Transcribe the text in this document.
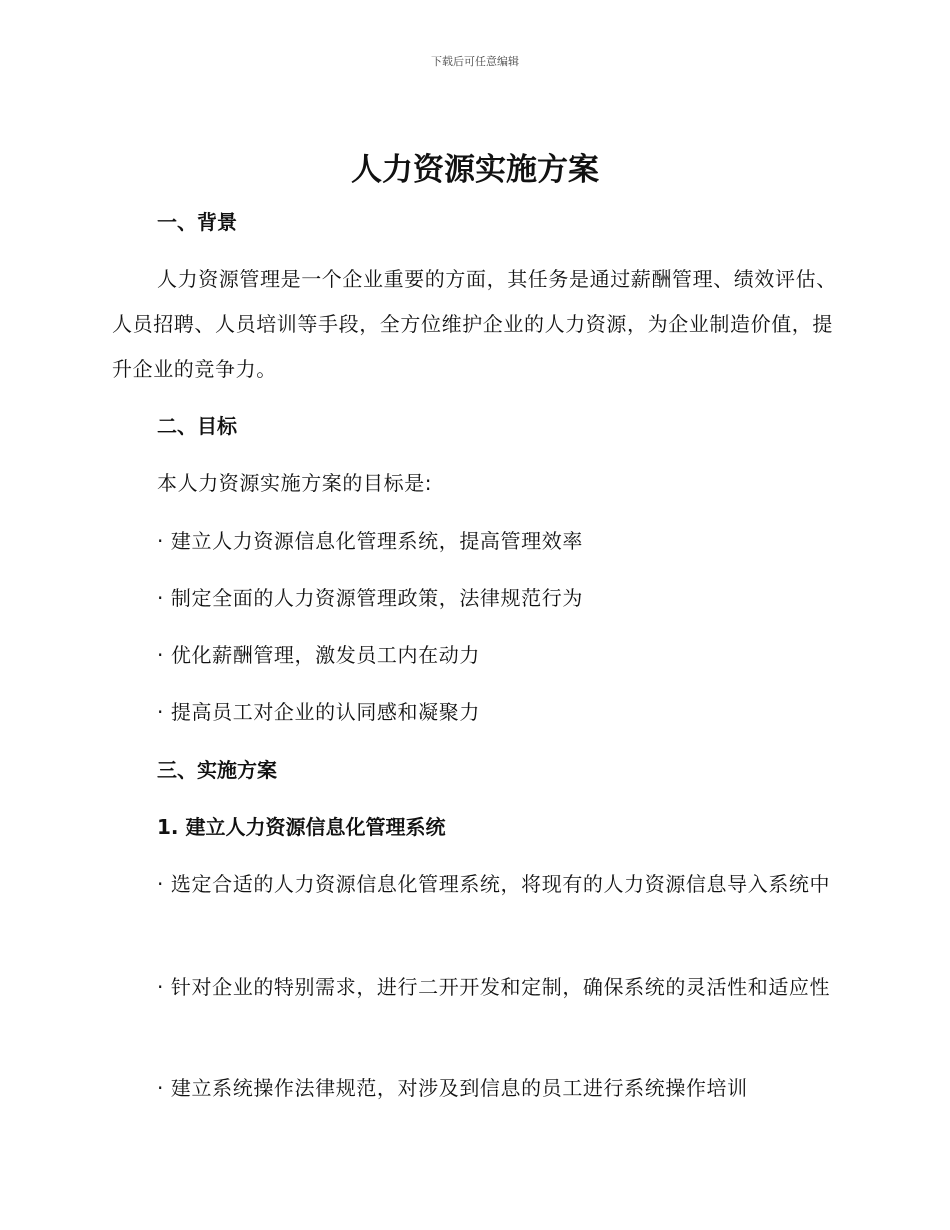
下载后可任意编辑
人力资源实施方案
一、背景

人力资源管理是一个企业重要的方面，其任务是通过薪酬管理、绩效评估、人员招聘、人员培训等手段，全方位维护企业的人力资源，为企业制造价值，提升企业的竞争力。

二、目标

本人力资源实施方案的目标是:

· 建立人力资源信息化管理系统，提高管理效率

· 制定全面的人力资源管理政策，法律规范行为

· 优化薪酬管理，激发员工内在动力

· 提高员工对企业的认同感和凝聚力

三、实施方案
1. 建立人力资源信息化管理系统

· 选定合适的人力资源信息化管理系统，将现有的人力资源信息导入系统中

· 针对企业的特别需求，进行二开开发和定制，确保系统的灵活性和适应性

· 建立系统操作法律规范，对涉及到信息的员工进行系统操作培训
